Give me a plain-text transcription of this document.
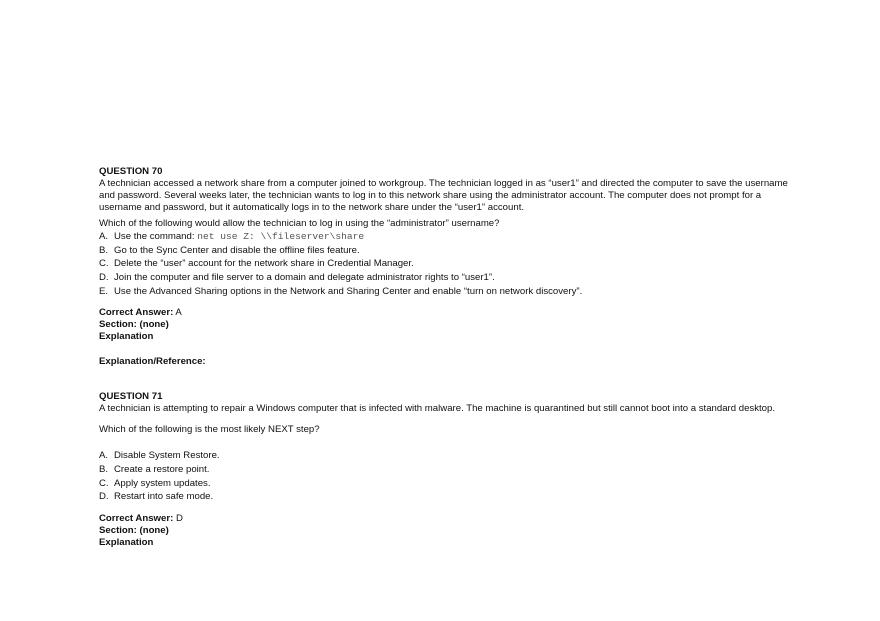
QUESTION 70

A technician accessed a network share from a computer joined to workgroup. The technician logged in as “user1” and directed the computer to save the username and password. Several weeks later, the technician wants to log in to this network share using the administrator account. The computer does not prompt for a username and password, but it automatically logs in to the network share under the “user1” account.

Which of the following would allow the technician to log in using the “administrator” username?

A. Use the command:
net use Z: \\fileserver\share
B. Go to the Sync Center and disable the offline files feature.
C. Delete the “user” account for the network share in Credential Manager.
D. Join the computer and file server to a domain and delegate administrator rights to “user1”.
E. Use the Advanced Sharing options in the Network and Sharing Center and enable “turn on network discovery”.
Correct Answer: A
Section: (none)
Explanation
Explanation/Reference:
QUESTION 71

A technician is attempting to repair a Windows computer that is infected with malware. The machine is quarantined but still cannot boot into a standard desktop.

Which of the following is the most likely NEXT step?

A. Disable System Restore.
B. Create a restore point.
C. Apply system updates.
D. Restart into safe mode.
Correct Answer: D
Section: (none)
Explanation
